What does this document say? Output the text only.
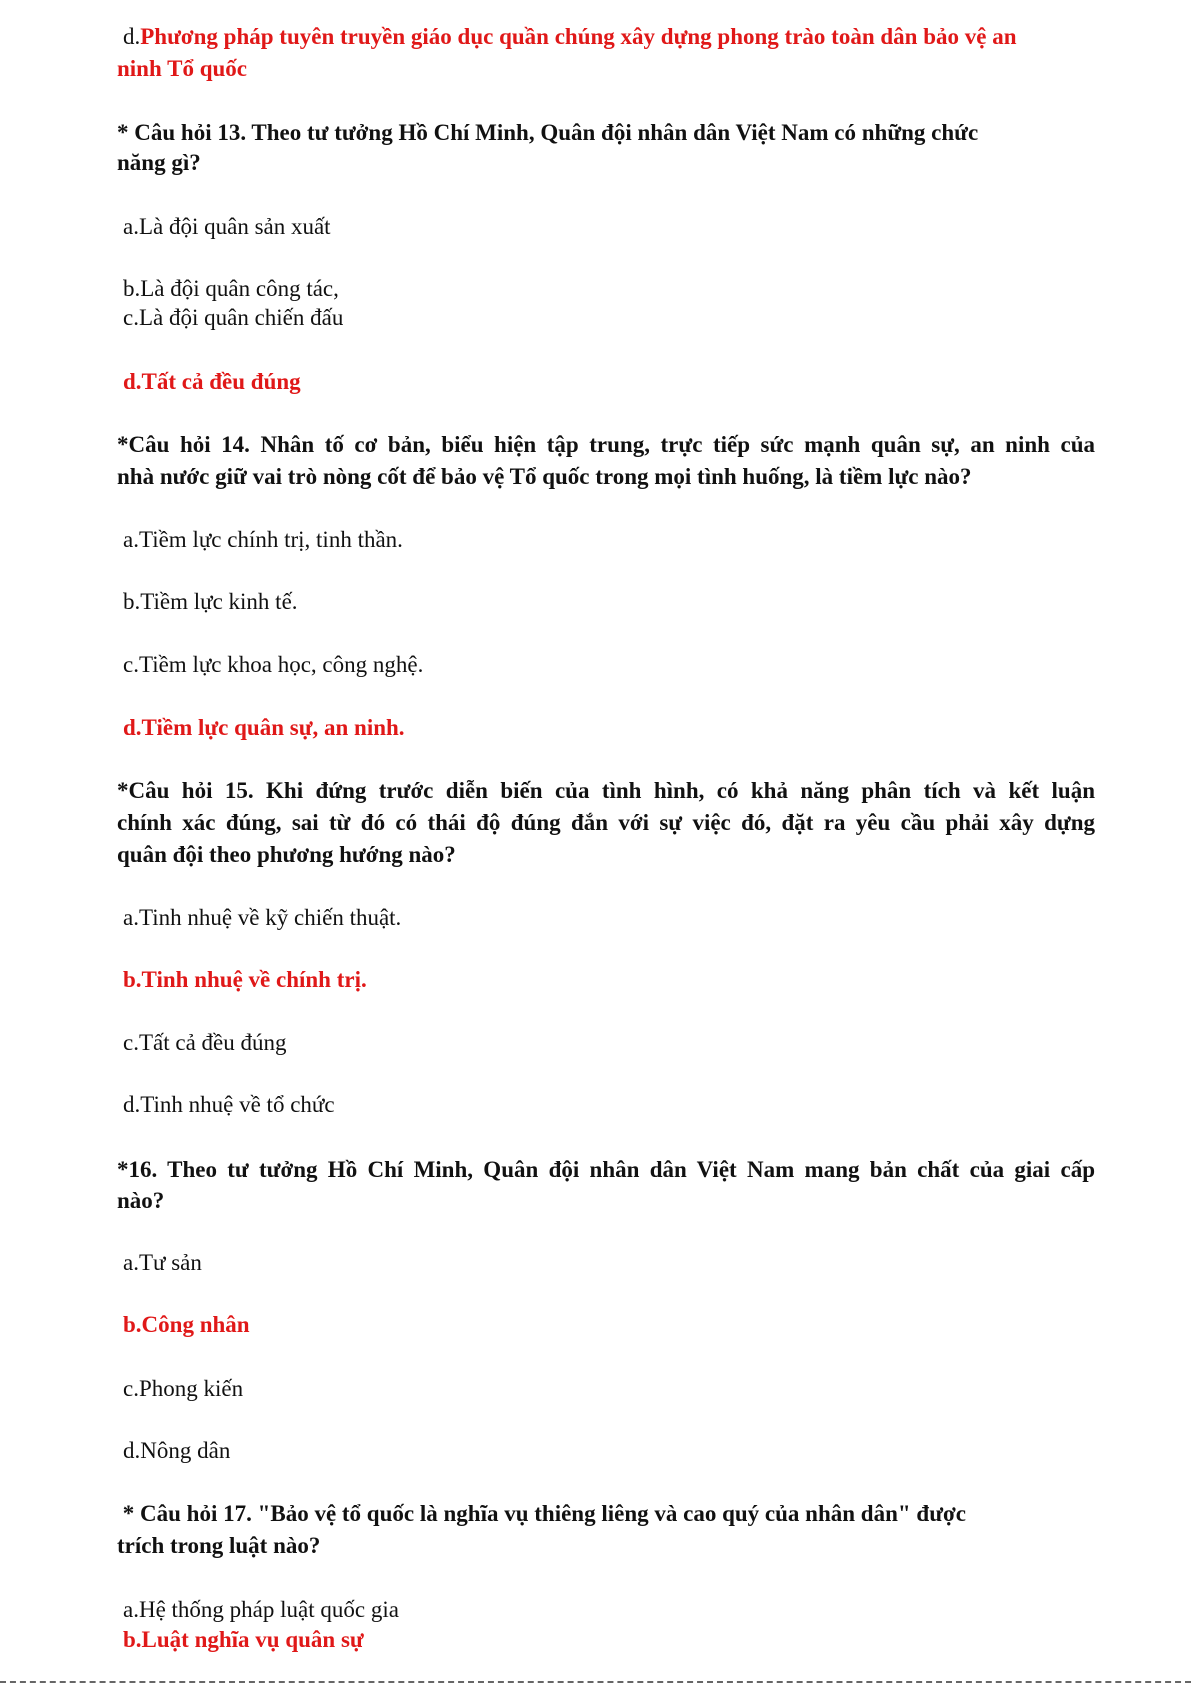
d.Phương pháp tuyên truyền giáo dục quần chúng xây dựng phong trào toàn dân bảo vệ an
ninh Tổ quốc
* Câu hỏi 13. Theo tư tưởng Hồ Chí Minh, Quân đội nhân dân Việt Nam có những chức
năng gì?
a.Là đội quân sản xuất
b.Là đội quân công tác,
c.Là đội quân chiến đấu
d.Tất cả đều đúng
*Câu hỏi 14. Nhân tố cơ bản, biểu hiện tập trung, trực tiếp sức mạnh quân sự, an ninh của
nhà nước giữ vai trò nòng cốt để bảo vệ Tổ quốc trong mọi tình huống, là tiềm lực nào?
a.Tiềm lực chính trị, tinh thần.
b.Tiềm lực kinh tế.
c.Tiềm lực khoa học, công nghệ.
d.Tiềm lực quân sự, an ninh.
*Câu hỏi 15. Khi đứng trước diễn biến của tình hình, có khả năng phân tích và kết luận
chính xác đúng, sai từ đó có thái độ đúng đắn với sự việc đó, đặt ra yêu cầu phải xây dựng
quân đội theo phương hướng nào?
a.Tinh nhuệ về kỹ chiến thuật.
b.Tinh nhuệ về chính trị.
c.Tất cả đều đúng
d.Tinh nhuệ về tổ chức
*16. Theo tư tưởng Hồ Chí Minh, Quân đội nhân dân Việt Nam mang bản chất của giai cấp
nào?
a.Tư sản
b.Công nhân
c.Phong kiến
d.Nông dân
* Câu hỏi 17. "Bảo vệ tổ quốc là nghĩa vụ thiêng liêng và cao quý của nhân dân" được
trích trong luật nào?
a.Hệ thống pháp luật quốc gia
b.Luật nghĩa vụ quân sự
